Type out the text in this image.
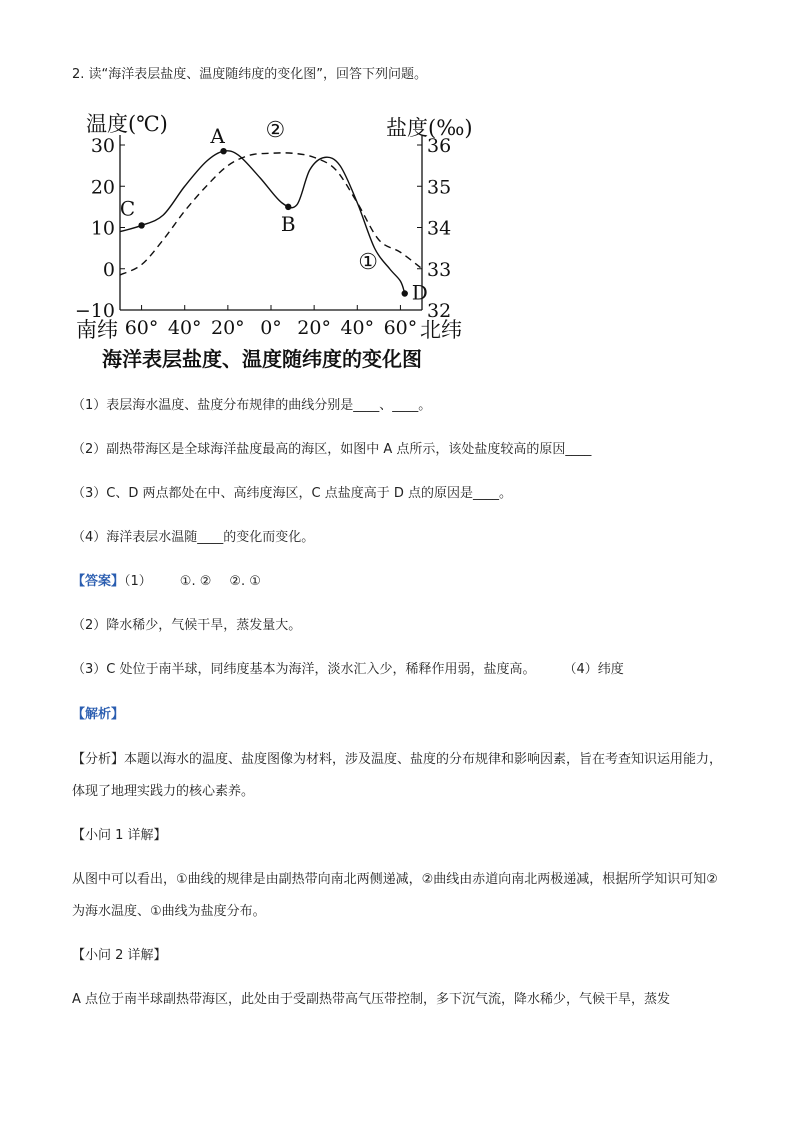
2. 读“海洋表层盐度、温度随纬度的变化图”，回答下列问题。
30
20
10
0
−10
36
35
34
33
32
60° 40° 20° 0° 20° 40° 60°
温度(℃)	盐度(‰)
南纬	北纬
海洋表层盐度、温度随纬度的变化图
A
B
C
D
②
①
（1）表层海水温度、盐度分布规律的曲线分别是____、____。
（2）副热带海区是全球海洋盐度最高的海区，如图中 A 点所示，该处盐度较高的原因____
（3）C、D 两点都处在中、高纬度海区，C 点盐度高于 D 点的原因是____。
（4）海洋表层水温随____的变化而变化。
【答案】（1） ①. ② ②. ①
（2）降水稀少，气候干旱，蒸发量大。
（3）C 处位于南半球，同纬度基本为海洋，淡水汇入少，稀释作用弱，盐度高。 （4）纬度
【解析】
【分析】本题以海水的温度、盐度图像为材料，涉及温度、盐度的分布规律和影响因素，旨在考查知识运用能力，体现了地理实践力的核心素养。
【小问 1 详解】
从图中可以看出，①曲线的规律是由副热带向南北两侧递减，②曲线由赤道向南北两极递减，根据所学知识可知②为海水温度、①曲线为盐度分布。
【小问 2 详解】
A 点位于南半球副热带海区，此处由于受副热带高气压带控制，多下沉气流，降水稀少，气候干旱，蒸发
